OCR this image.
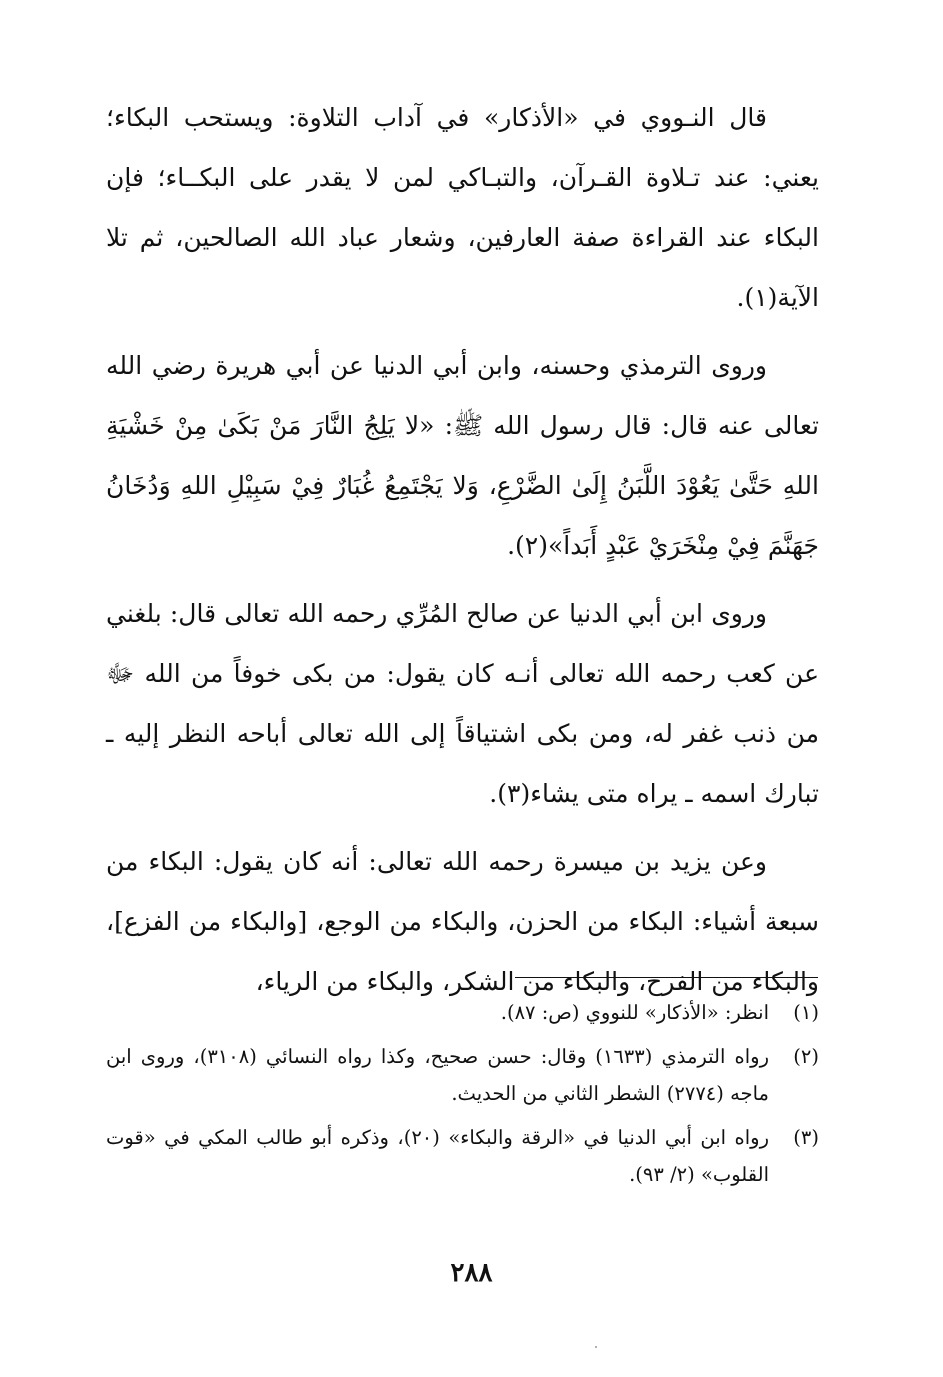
قال النـووي في «الأذكار» في آداب التلاوة: ويستحب البكاء؛ يعني: عند تـلاوة القـرآن، والتبـاكي لمن لا يقدر على البكــاء؛ فإن البكاء عند القراءة صفة العارفين، وشعار عباد الله الصالحين، ثم تلا الآية(١).

وروى الترمذي وحسنه، وابن أبي الدنيا عن أبي هريرة رضي الله تعالى عنه قال: قال رسول الله ﷺ: «لا يَلِجُ النَّارَ مَنْ بَكَىٰ مِنْ خَشْيَةِ اللهِ حَتَّىٰ يَعُوْدَ اللَّبَنُ إِلَىٰ الضَّرْعِ، وَلا يَجْتَمِعُ غُبَارٌ فِيْ سَبِيْلِ اللهِ وَدُخَانُ جَهَنَّمَ فِيْ مِنْخَرَيْ عَبْدٍ أَبَداً»(٢).

وروى ابن أبي الدنيا عن صالح المُرِّي رحمه الله تعالى قال: بلغني عن كعب رحمه الله تعالى أنـه كان يقول: من بكى خوفاً من الله ﷻ من ذنب غفر له، ومن بكى اشتياقاً إلى الله تعالى أباحه النظر إليه ـ تبارك اسمه ـ يراه متى يشاء(٣).

وعن يزيد بن ميسرة رحمه الله تعالى: أنه كان يقول: البكاء من سبعة أشياء: البكاء من الحزن، والبكاء من الوجع، [والبكاء من الفزع]، والبكاء من الفرح، والبكاء من الشكر، والبكاء من الرياء،

(١)انظر: «الأذكار» للنووي (ص: ٨٧).

(٢)رواه الترمذي (١٦٣٣) وقال: حسن صحيح، وكذا رواه النسائي (٣١٠٨)، وروى ابن ماجه (٢٧٧٤) الشطر الثاني من الحديث.

(٣)رواه ابن أبي الدنيا في «الرقة والبكاء» (٢٠)، وذكره أبو طالب المكي في «قوت القلوب» (٢/ ٩٣).

٢٨٨
